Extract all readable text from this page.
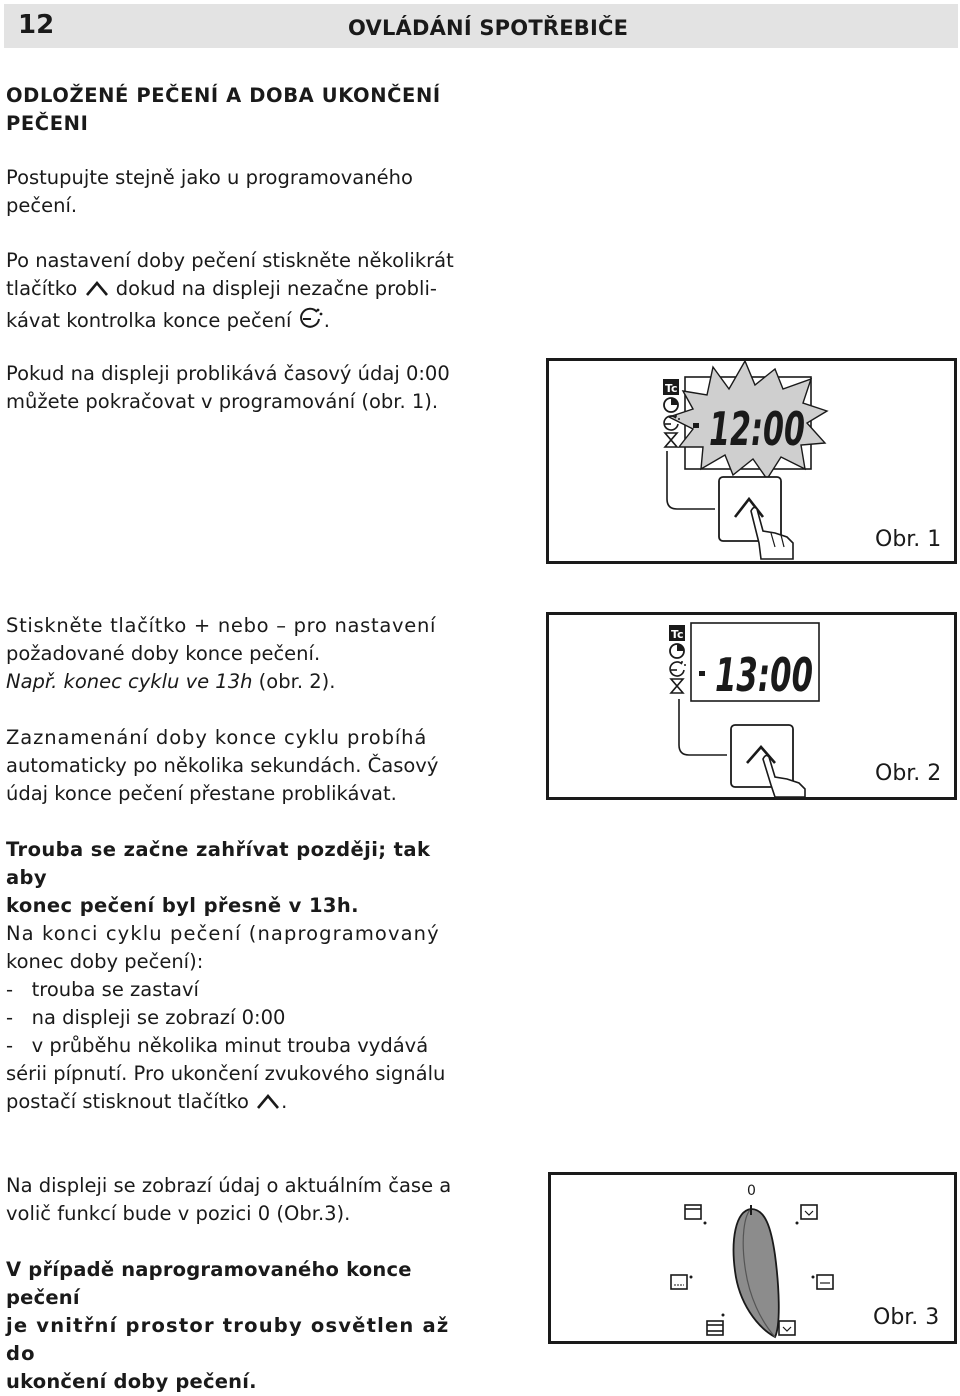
12	OVLÁDÁNÍ SPOTŘEBIČE
ODLOŽENÉ PEČENÍ A DOBA UKONČENÍ
PEČENI
Postupujte stejně jako u programovaného
pečení.
Po nastavení doby pečení stiskněte několikrát
tlačítko dokud na displeji nezačne probli-
kávat kontrolka konce pečení .
Pokud na displeji problikává časový údaj 0:00
můžete pokračovat v programování (obr. 1).
Tc
12:00
Obr. 1
Stiskněte tlačítko + nebo – pro nastavení
požadované doby konce pečení.
Např. konec cyklu ve 13h (obr. 2).
Tc
13:00
Obr. 2
Zaznamenání doby konce cyklu probíhá
automaticky po několika sekundách. Časový
údaj konce pečení přestane problikávat.
Trouba se začne zahřívat později; tak aby
konec pečení byl přesně v 13h.
Na konci cyklu pečení (naprogramovaný
konec doby pečení):
-   trouba se zastaví
-   na displeji se zobrazí 0:00
-   v průběhu několika minut trouba vydává
sérii pípnutí. Pro ukončení zvukového signálu
postačí stisknout tlačítko .
Na displeji se zobrazí údaj o aktuálním čase a
volič funkcí bude v pozici 0 (Obr.3).
V případě naprogramovaného konce pečení
je vnitřní prostor trouby osvětlen až do
ukončení doby pečení.
0
Obr. 3
